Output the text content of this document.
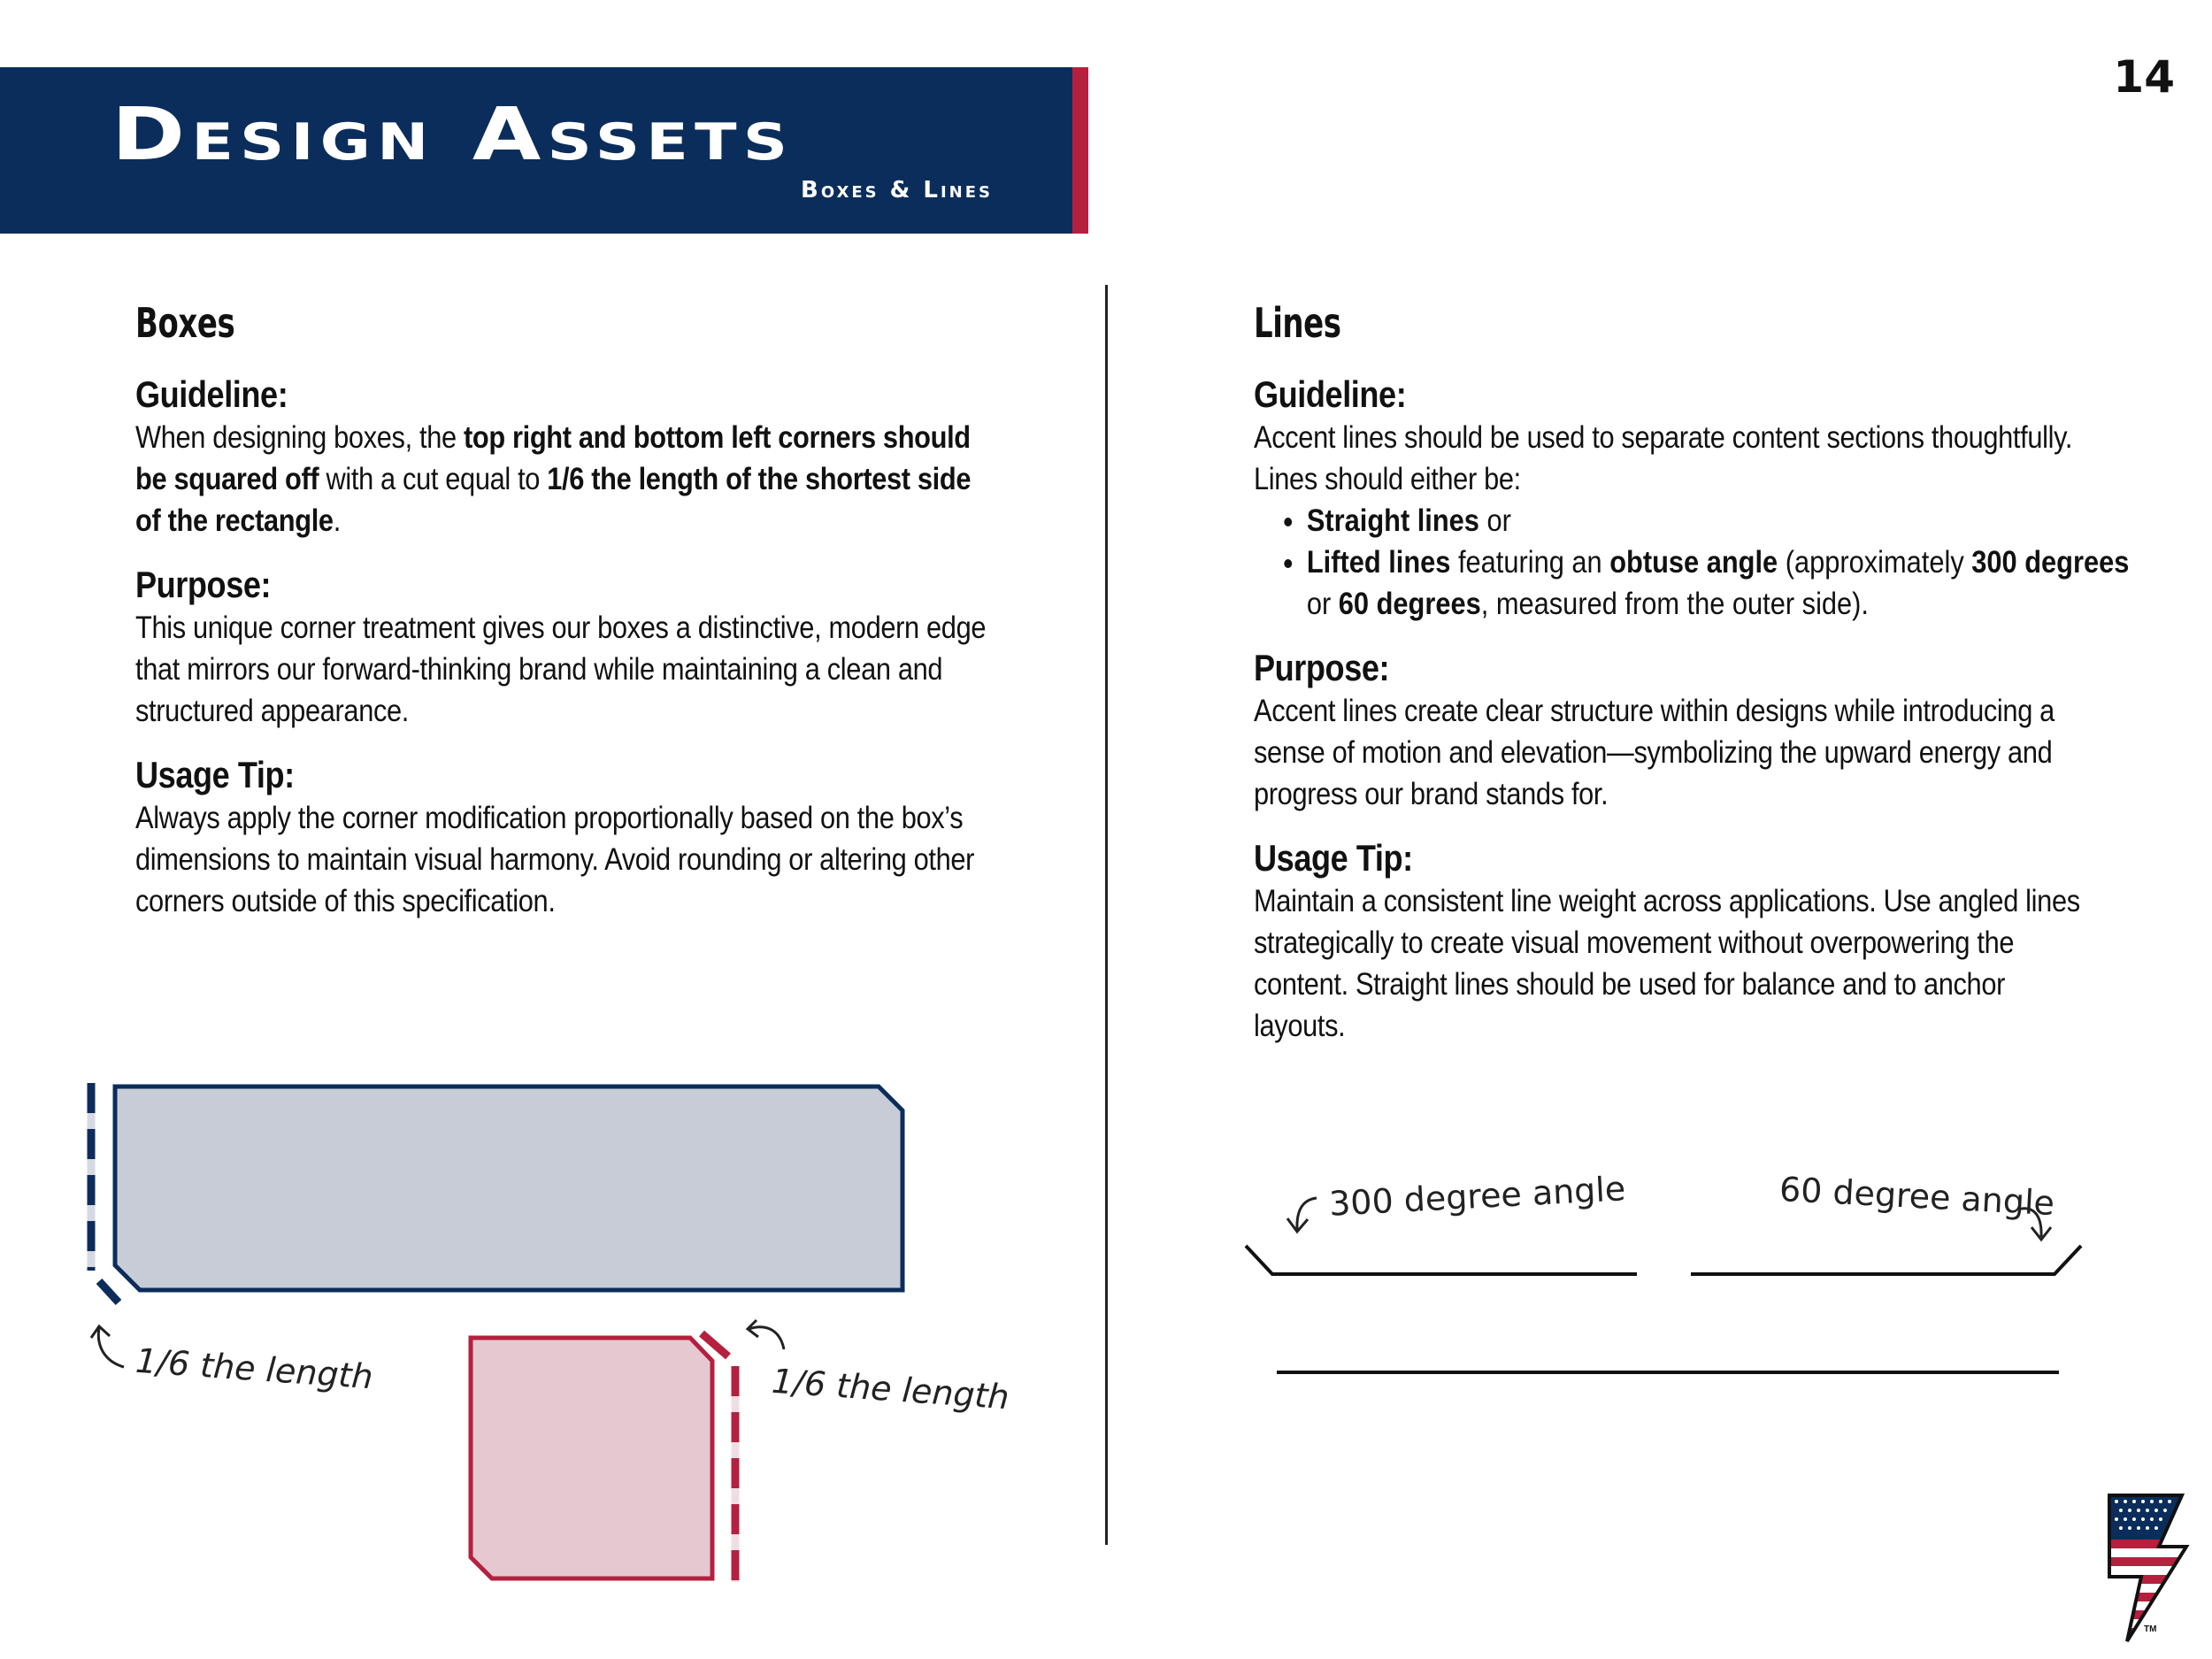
Design Assets
Boxes & Lines
14
Boxes
Guideline:

When designing boxes, the top right and bottom left corners should be squared off with a cut equal to 1/6 the length of the shortest side of the rectangle.

Purpose:

This unique corner treatment gives our boxes a distinctive, modern edge that mirrors our forward-thinking brand while maintaining a clean and structured appearance.

Usage Tip:

Always apply the corner modification proportionally based on the box’s dimensions to maintain visual harmony. Avoid rounding or altering other corners outside of this specification.

Lines
Guideline:

Accent lines should be used to separate content sections thoughtfully. Lines should either be:

• Straight lines or
• Lifted lines featuring an obtuse angle (approximately 300 degrees or 60 degrees, measured from the outer side).
Purpose:

Accent lines create clear structure within designs while introducing a sense of motion and elevation—symbolizing the upward energy and progress our brand stands for.

Usage Tip:

Maintain a consistent line weight across applications. Use angled lines strategically to create visual movement without overpowering the content. Straight lines should be used for balance and to anchor layouts.

1/6 the length	1/6 the length
300 degree angle	60 degree angle
TM
